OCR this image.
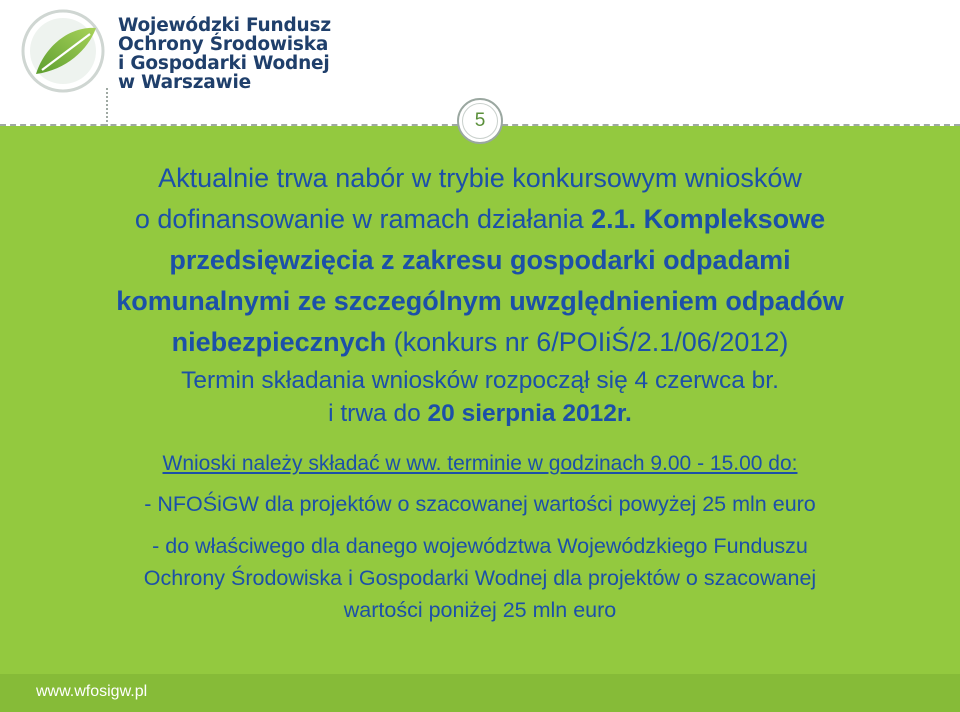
Wojewódzki Fundusz
Ochrony Środowiska
i Gospodarki Wodnej
w Warszawie
5
Aktualnie trwa nabór w trybie konkursowym wniosków
o dofinansowanie w ramach działania 2.1. Kompleksowe
przedsięwzięcia z zakresu gospodarki odpadami
komunalnymi ze szczególnym uwzględnieniem odpadów
niebezpiecznych (konkurs nr 6/POIiŚ/2.1/06/2012)
Termin składania wniosków rozpoczął się 4 czerwca br.
i trwa do 20 sierpnia 2012r.
Wnioski należy składać w ww. terminie w godzinach 9.00 - 15.00 do:
- NFOŚiGW dla projektów o szacowanej wartości powyżej 25 mln euro
- do właściwego dla danego województwa Wojewódzkiego Funduszu
Ochrony Środowiska i Gospodarki Wodnej dla projektów o szacowanej
wartości poniżej 25 mln euro
www.wfosigw.pl
